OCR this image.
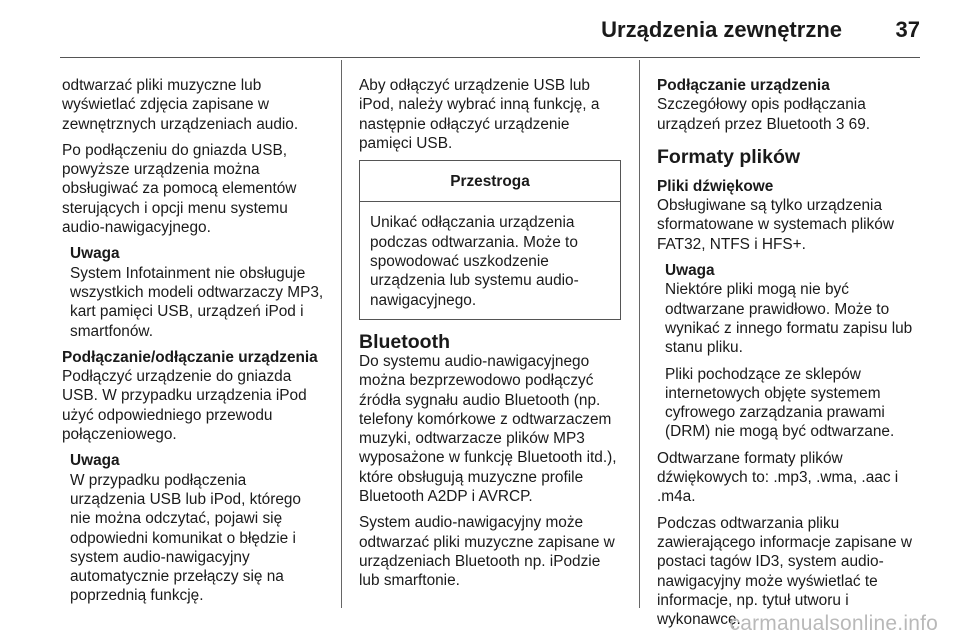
Urządzenia zewnętrzne 37

odtwarzać pliki muzyczne lub wyświetlać zdjęcia zapisane w zewnętrznych urządzeniach audio.

Po podłączeniu do gniazda USB, powyższe urządzenia można obsługiwać za pomocą elementów sterujących i opcji menu systemu audio-nawigacyjnego.

Uwaga
System Infotainment nie obsługuje wszystkich modeli odtwarzaczy MP3, kart pamięci USB, urządzeń iPod i smartfonów.
Podłączanie/odłączanie urządzenia

Podłączyć urządzenie do gniazda USB. W przypadku urządzenia iPod użyć odpowiedniego przewodu połączeniowego.

Uwaga
W przypadku podłączenia urządzenia USB lub iPod, którego nie można odczytać, pojawi się odpowiedni komunikat o błędzie i system audio-nawigacyjny automatycznie przełączy się na poprzednią funkcję.

Aby odłączyć urządzenie USB lub iPod, należy wybrać inną funkcję, a następnie odłączyć urządzenie pamięci USB.

Przestroga
Unikać odłączania urządzenia podczas odtwarzania. Może to spowodować uszkodzenie urządzenia lub systemu audio-nawigacyjnego.
Bluetooth

Do systemu audio-nawigacyjnego można bezprzewodowo podłączyć źródła sygnału audio Bluetooth (np. telefony komórkowe z odtwarzaczem muzyki, odtwarzacze plików MP3 wyposażone w funkcję Bluetooth itd.), które obsługują muzyczne profile Bluetooth A2DP i AVRCP.

System audio-nawigacyjny może odtwarzać pliki muzyczne zapisane w urządzeniach Bluetooth np. iPodzie lub smarftonie.

Podłączanie urządzenia

Szczegółowy opis podłączania urządzeń przez Bluetooth 3 69.

Formaty plików
Pliki dźwiękowe

Obsługiwane są tylko urządzenia sformatowane w systemach plików FAT32, NTFS i HFS+.

Uwaga

Niektóre pliki mogą nie być odtwarzane prawidłowo. Może to wynikać z innego formatu zapisu lub stanu pliku.

Pliki pochodzące ze sklepów internetowych objęte systemem cyfrowego zarządzania prawami (DRM) nie mogą być odtwarzane.

Odtwarzane formaty plików dźwiękowych to: .mp3, .wma, .aac i .m4a.

Podczas odtwarzania pliku zawierającego informacje zapisane w postaci tagów ID3, system audio-nawigacyjny może wyświetlać te informacje, np. tytuł utworu i wykonawcę.

carmanualsonline.info
